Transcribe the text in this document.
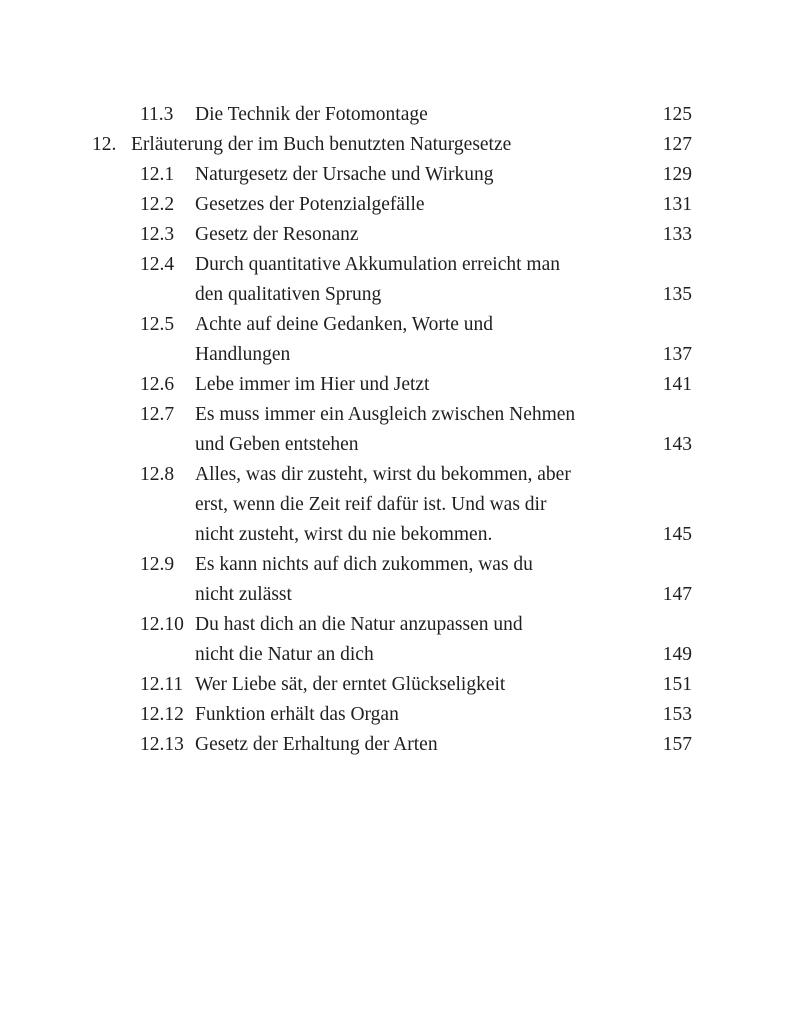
11.3 Die Technik der Fotomontage	125
12. Erläuterung der im Buch benutzten Naturgesetze	127
12.1 Naturgesetz der Ursache und Wirkung	129
12.2 Gesetzes der Potenzialgefälle	131
12.3 Gesetz der Resonanz	133
12.4 Durch quantitative Akkumulation erreicht man
den qualitativen Sprung	135
12.5 Achte auf deine Gedanken, Worte und
Handlungen	137
12.6 Lebe immer im Hier und Jetzt	141
12.7 Es muss immer ein Ausgleich zwischen Nehmen
und Geben entstehen	143
12.8 Alles, was dir zusteht, wirst du bekommen, aber
erst, wenn die Zeit reif dafür ist. Und was dir
nicht zusteht, wirst du nie bekommen.	145
12.9 Es kann nichts auf dich zukommen, was du
nicht zulässt	147
12.10 Du hast dich an die Natur anzupassen und
nicht die Natur an dich	149
12.11 Wer Liebe sät, der erntet Glückseligkeit	151
12.12 Funktion erhält das Organ	153
12.13 Gesetz der Erhaltung der Arten	157
